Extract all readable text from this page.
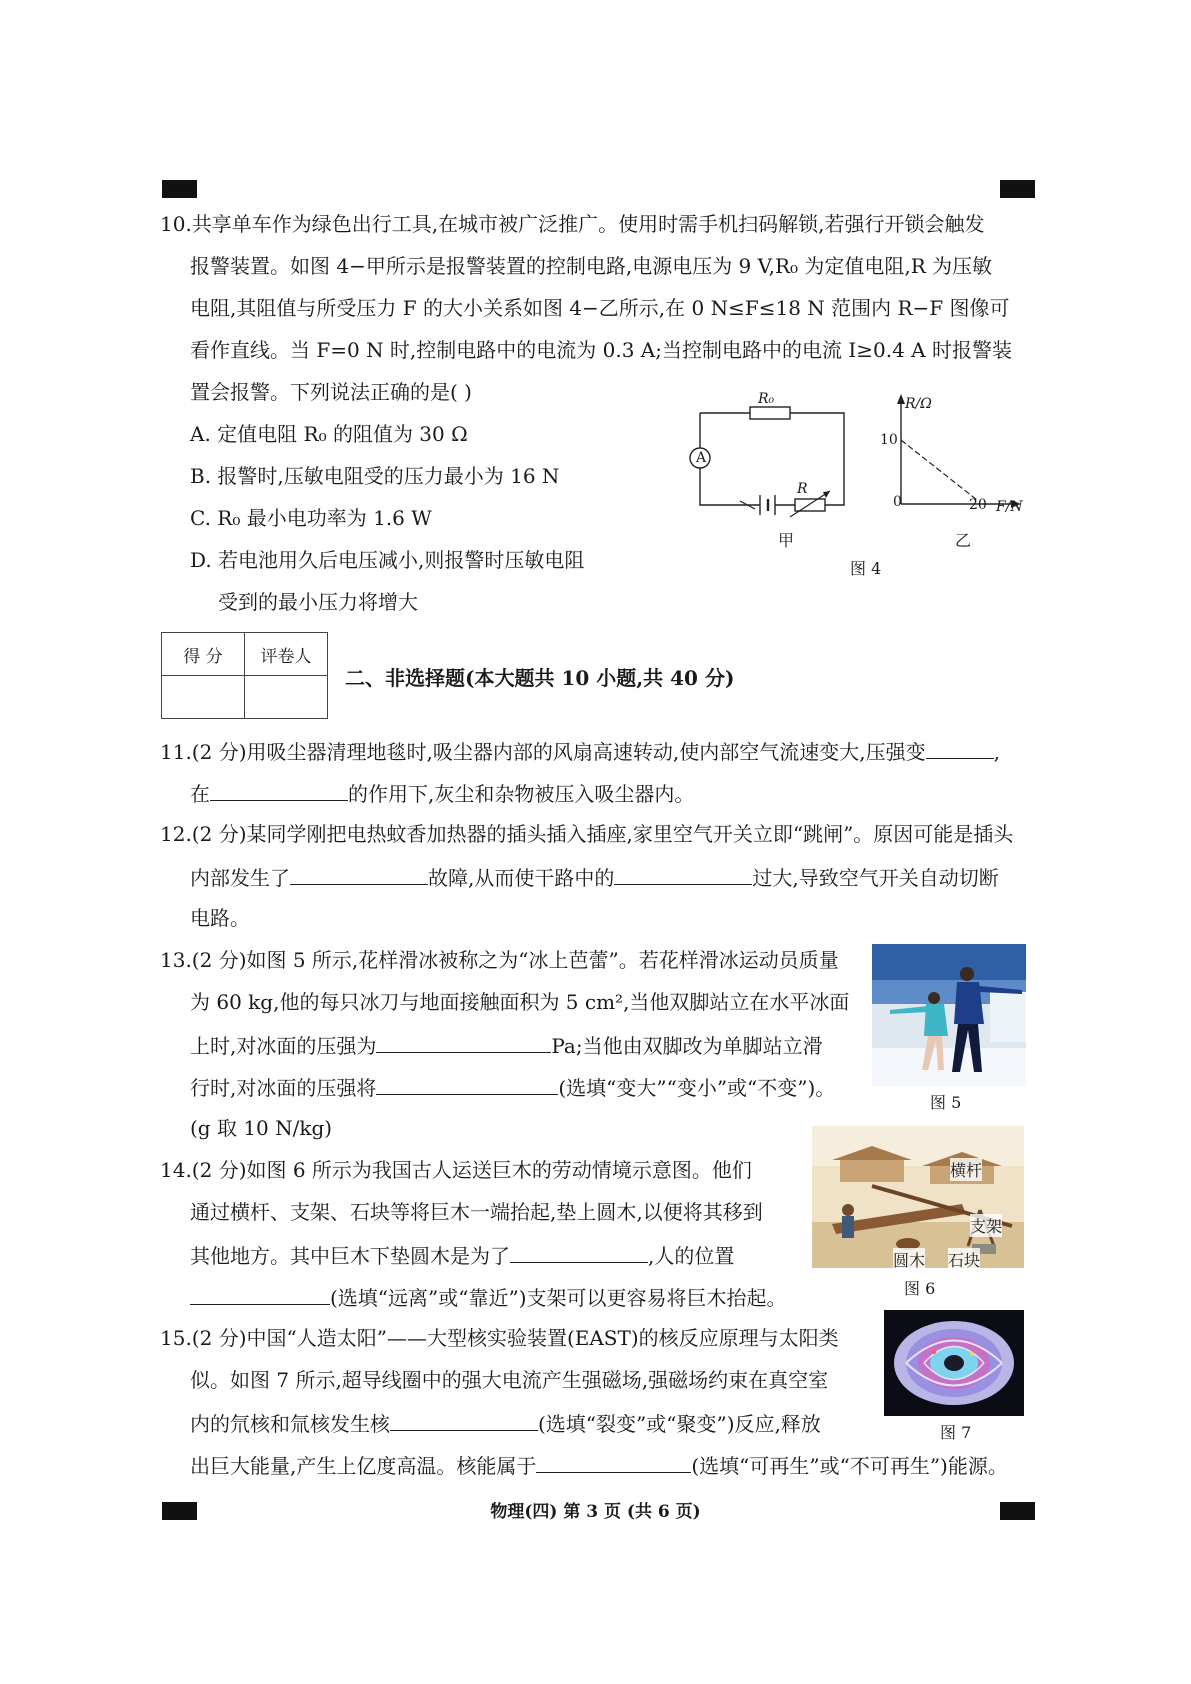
10.共享单车作为绿色出行工具,在城市被广泛推广。使用时需手机扫码解锁,若强行开锁会触发
报警装置。如图 4−甲所示是报警装置的控制电路,电源电压为 9 V,R₀ 为定值电阻,R 为压敏
电阻,其阻值与所受压力 F 的大小关系如图 4−乙所示,在 0 N≤F≤18 N 范围内 R−F 图像可
看作直线。当 F=0 N 时,控制电路中的电流为 0.3 A;当控制电路中的电流 I≥0.4 A 时报警装
置会报警。下列说法正确的是( )
A. 定值电阻 R₀ 的阻值为 30 Ω
B. 报警时,压敏电阻受的压力最小为 16 N
C. R₀ 最小电功率为 1.6 W
D. 若电池用久后电压减小,则报警时压敏电阻
受到的最小压力将增大
R₀
A
R
甲
R/Ω
10
0	20 F/N
乙
图 4
得 分	评卷人

二、非选择题(本大题共 10 小题,共 40 分)
11.(2 分)用吸尘器清理地毯时,吸尘器内部的风扇高速转动,使内部空气流速变大,压强变	,
在	的作用下,灰尘和杂物被压入吸尘器内。
12.(2 分)某同学刚把电热蚊香加热器的插头插入插座,家里空气开关立即“跳闸”。原因可能是插头
内部发生了	故障,从而使干路中的	过大,导致空气开关自动切断
电路。
13.(2 分)如图 5 所示,花样滑冰被称之为“冰上芭蕾”。若花样滑冰运动员质量
为 60 kg,他的每只冰刀与地面接触面积为 5 cm²,当他双脚站立在水平冰面
上时,对冰面的压强为	Pa;当他由双脚改为单脚站立滑
行时,对冰面的压强将	(选填“变大”“变小”或“不变”)。
(g 取 10 N/kg)
图 5
14.(2 分)如图 6 所示为我国古人运送巨木的劳动情境示意图。他们
通过横杆、支架、石块等将巨木一端抬起,垫上圆木,以便将其移到
其他地方。其中巨木下垫圆木是为了	,人的位置
(选填“远离”或“靠近”)支架可以更容易将巨木抬起。
横杆
支架
圆木 石块
图 6
15.(2 分)中国“人造太阳”——大型核实验装置(EAST)的核反应原理与太阳类
似。如图 7 所示,超导线圈中的强大电流产生强磁场,强磁场约束在真空室
内的氘核和氚核发生核	(选填“裂变”或“聚变”)反应,释放
出巨大能量,产生上亿度高温。核能属于	(选填“可再生”或“不可再生”)能源。
图 7
物理(四) 第 3 页 (共 6 页)
